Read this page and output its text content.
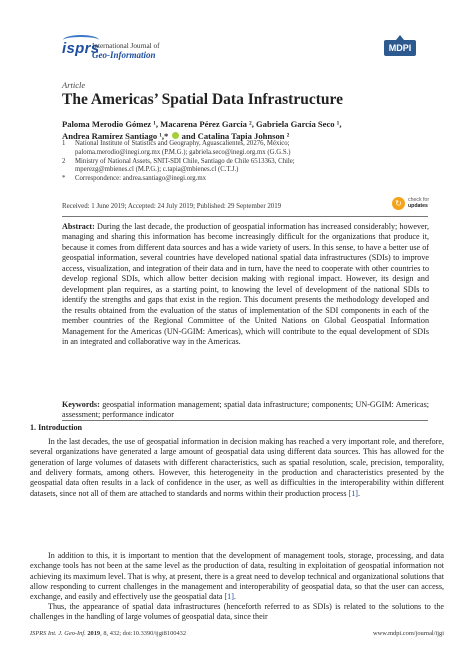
isprs
International Journal of
Geo-Information
MDPI
Article
The Americas’ Spatial Data Infrastructure
Paloma Merodio Gómez ¹, Macarena Pérez García ², Gabriela García Seco ¹,
Andrea Ramírez Santiago ¹,* and Catalina Tapia Johnson ²
1	National Institute of Statistics and Geography, Aguascalientes, 20276, México;
paloma.merodio@inegi.org.mx (P.M.G.); gabriela.seco@inegi.org.mx (G.G.S.)
2	Ministry of National Assets, SNIT-SDI Chile, Santiago de Chile 6513363, Chile;
mperezg@mbienes.cl (M.P.G.); c.tapia@mbienes.cl (C.T.J.)
*	Correspondence: andrea.santiago@inegi.org.mx
Received: 1 June 2019; Accepted: 24 July 2019; Published: 29 September 2019	↻	check for
updates
Abstract: During the last decade, the production of geospatial information has increased considerably; however, managing and sharing this information has become increasingly difficult for the organizations that produce it, because it comes from different data sources and has a wide variety of users. In this sense, to have a better use of geospatial information, several countries have developed national spatial data infrastructures (SDIs) to improve access, visualization, and integration of their data and in turn, have the need to cooperate with other countries to develop regional SDIs, which allow better decision making with regional impact. However, its design and development plan requires, as a starting point, to knowing the level of development of the national SDIs to identify the strengths and gaps that exist in the region. This document presents the methodology developed and the results obtained from the evaluation of the status of implementation of the SDI components in each of the member countries of the Regional Committee of the United Nations on Global Geospatial Information Management for the Americas (UN-GGIM: Americas), which will contribute to the equal development of SDIs in an integrated and collaborative way in the Americas.
Keywords: geospatial information management; spatial data infrastructure; components; UN-GGIM: Americas; assessment; performance indicator
1. Introduction
In the last decades, the use of geospatial information in decision making has reached a very important role, and therefore, several organizations have generated a large amount of geospatial data using different data sources. This has allowed for the generation of large volumes of datasets with different characteristics, such as spatial resolution, scale, precision, temporality, and delivery formats, among others. However, this heterogeneity in the production and characteristics presented by the geospatial data often results in a lack of confidence in the user, as well as difficulties in the interoperability within different datasets, since not all of them are attached to standards and norms within their production process [1].
In addition to this, it is important to mention that the development of management tools, storage, processing, and data exchange tools has not been at the same level as the production of data, resulting in exploitation of geospatial information not achieving its maximum level. That is why, at present, there is a great need to develop technical and organizational solutions that allow responding to current challenges in the management and interoperability of geospatial data, so that the user can access, exchange, and easily and effectively use the geospatial data [1].
Thus, the appearance of spatial data infrastructures (henceforth referred to as SDIs) is related to the solutions to the challenges in the handling of large volumes of geospatial data, since their
ISPRS Int. J. Geo-Inf. 2019, 8, 432; doi:10.3390/ijgi8100432	www.mdpi.com/journal/ijgi
